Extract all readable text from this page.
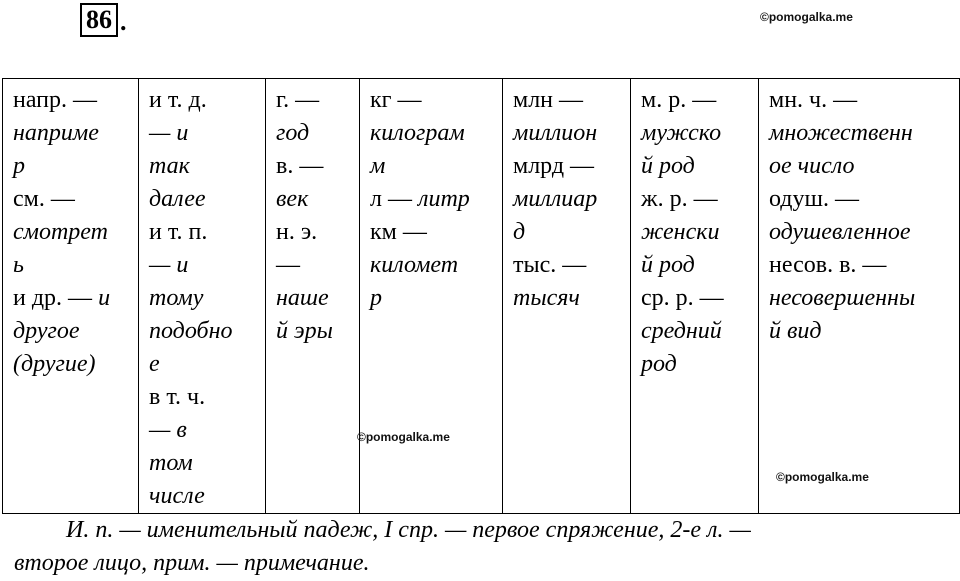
86 .	©pomogalka.me
напр. —
наприме
р
см. —
смотрет
ь
и др. — и
другое
(другие)

и т. д.
— и
так
далее
и т. п.
— и
тому
подобно
е
в т. ч.
— в
том
числе

г. —
год
в. —
век
н. э.
—
наше
й эры

кг —
килограм
м
л — литр
км —
километ
р

млн —
миллион
млрд —
миллиар
д
тыс. —
тысяч

м. р. —
мужско
й род
ж. р. —
женски
й род
ср. р. —
средний
род

мн. ч. —
множественн
ое число
одуш. —
одушевленное
несов. в. —
несовершенны
й вид
©pomogalka.me
©pomogalka.me
И. п. — именительный падеж, I спр. — первое спряжение, 2-е л. —
второе лицо, прим. — примечание.
